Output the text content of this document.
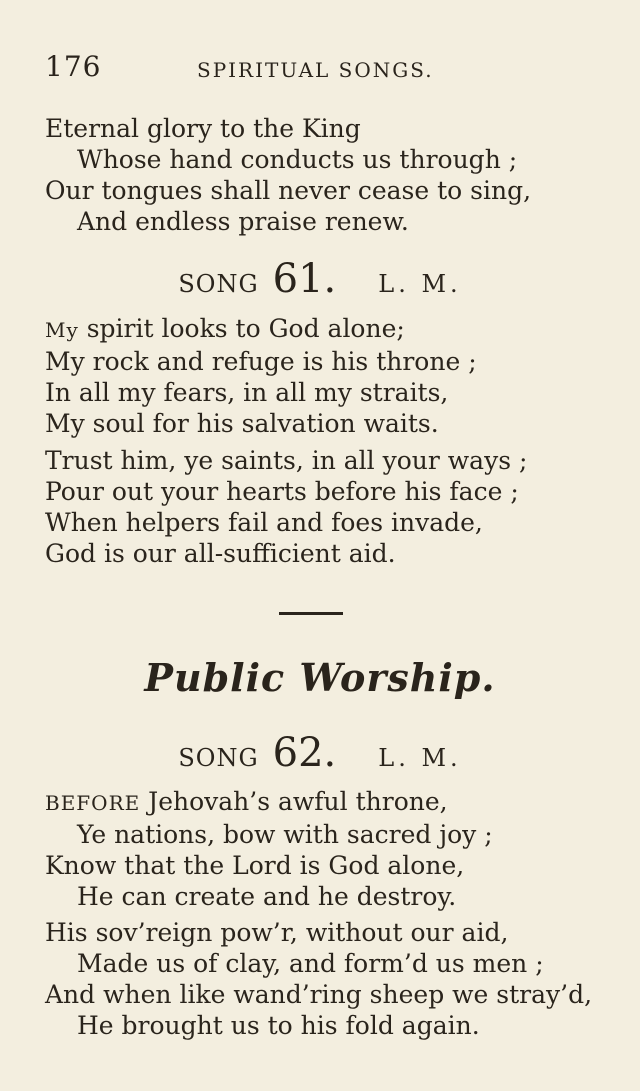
176	SPIRITUAL SONGS.
Eternal glory to the King
Whose hand conducts us through ;
Our tongues shall never cease to sing,
And endless praise renew.
SONG 61. L. M.
My spirit looks to God alone;
My rock and refuge is his throne ;
In all my fears, in all my straits,
My soul for his salvation waits.
Trust him, ye saints, in all your ways ;
Pour out your hearts before his face ;
When helpers fail and foes invade,
God is our all-sufficient aid.
Public Worship.
SONG 62. L. M.
BEFORE Jehovah’s awful throne,
Ye nations, bow with sacred joy ;
Know that the Lord is God alone,
He can create and he destroy.
His sov’reign pow’r, without our aid,
Made us of clay, and form’d us men ;
And when like wand’ring sheep we stray’d,
He brought us to his fold again.
